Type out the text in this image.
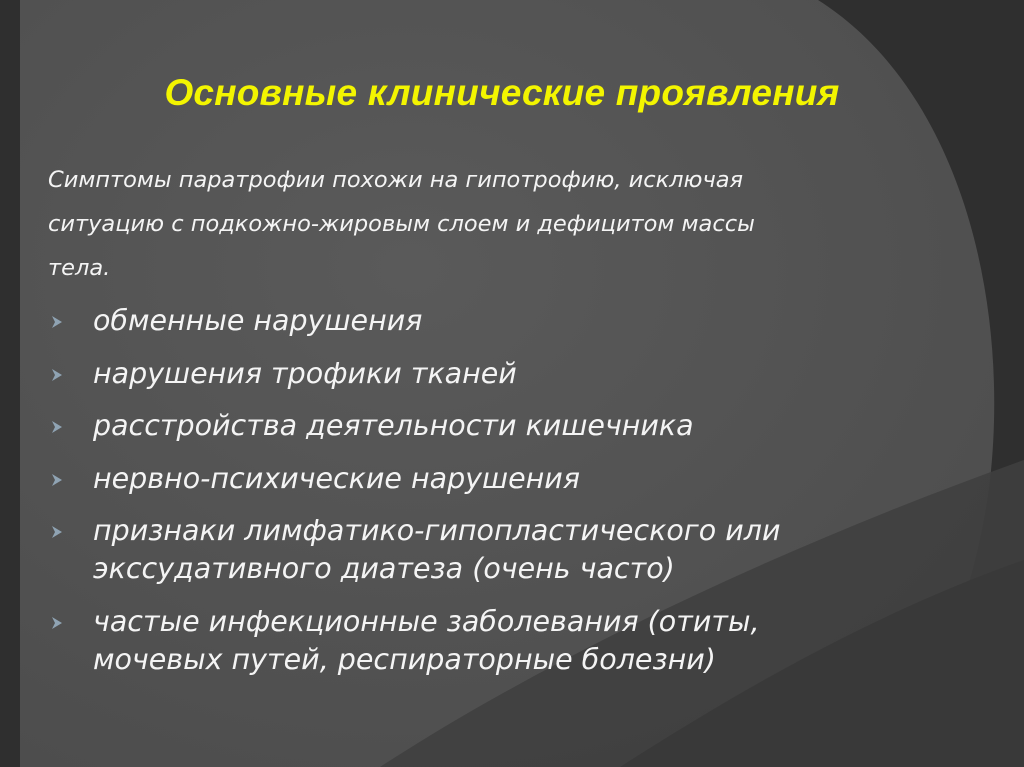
Основные клинические проявления
Симптомы паратрофии похожи на гипотрофию, исключая
ситуацию с подкожно-жировым слоем и дефицитом массы
тела.
обменные нарушения
нарушения трофики тканей
расстройства деятельности кишечника
нервно-психические нарушения
признаки лимфатико-гипопластического или
экссудативного диатеза (очень часто)
частые инфекционные заболевания (отиты,
мочевых путей, респираторные болезни)
